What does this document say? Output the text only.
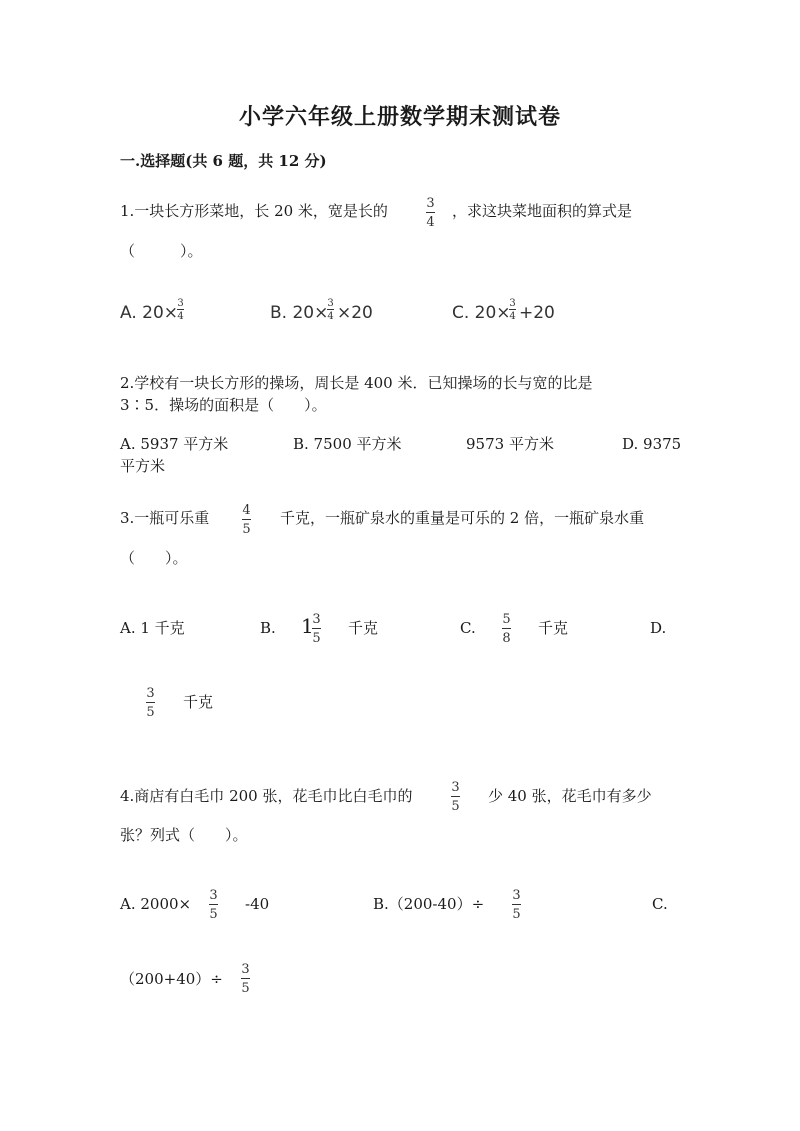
小学六年级上册数学期末测试卷
一.选择题(共 6 题，共 12 分)
1.一块长方形菜地，长 20 米，宽是长的	3
4
，求这块菜地面积的算式是
（　　　）。
A. 20× 3
4	B. 20×
3
4 ×20	C. 20×
3
4 +20
2.学校有一块长方形的操场，周长是 400 米．已知操场的长与宽的比是
3∶5．操场的面积是（　　）。
A. 5937 平方米	B. 7500 平方米	9573 平方米	D. 9375
平方米
3.一瓶可乐重	4
5
千克，一瓶矿泉水的重量是可乐的 2 倍，一瓶矿泉水重
（　　）。
A. 1 千克	B. 1
3
5
千克	C. 5
8
千克	D.
3
5
千克
4.商店有白毛巾 200 张，花毛巾比白毛巾的	3
5
少 40 张，花毛巾有多少
张？列式（　　）。
A. 2000× 3
5
-40	B.（200-40）÷ 3
5
C.
（200+40）÷
3
5
